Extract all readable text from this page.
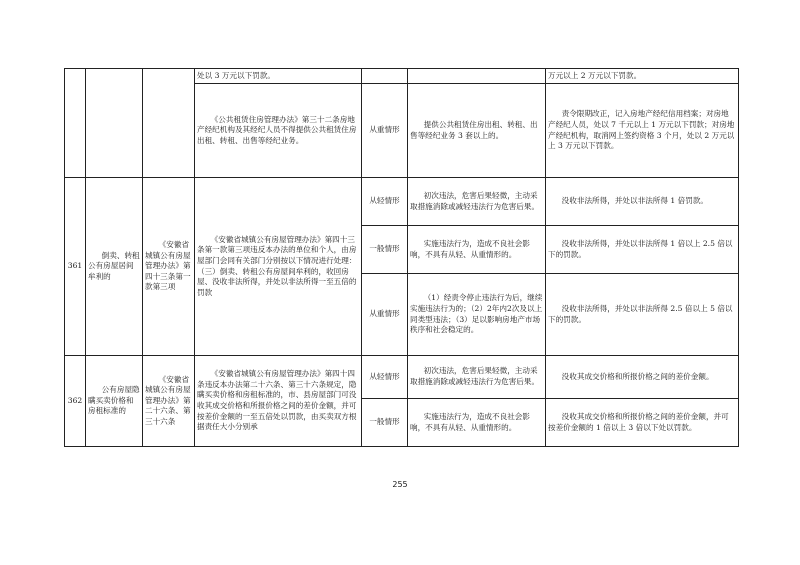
			处以 3 万元以下罚款。			万元以上 2 万元以下罚款。
			《公共租赁住房管理办法》第三十二条房地产经纪机构及其经纪人员不得提供公共租赁住房出租、转租、出售等经纪业务。	从重情形	提供公共租赁住房出租、转租、出售等经纪业务 3 套以上的。	责令限期改正，记入房地产经纪信用档案；对房地产经纪人员，处以 7 千元以上 1 万元以下罚款；对房地产经纪机构，取消网上签约资格 3 个月，处以 2 万元以上 3 万元以下罚款。
361	倒卖、转租公有房屋居间牟利的	《安徽省城镇公有房屋管理办法》第四十三条第一款第三项	《安徽省城镇公有房屋管理办法》第四十三条第一款第三项违反本办法的单位和个人，由房屋部门会同有关部门分别按以下情况进行处理：（三）倒卖、转租公有房屋间牟利的，收回房屋、没收非法所得，并处以非法所得一至五倍的罚款	从轻情形	初次违法，危害后果轻微，主动采取措施消除或减轻违法行为危害后果。	没收非法所得，并处以非法所得 1 倍罚款。
				一般情形	实施违法行为，造成不良社会影响，不具有从轻、从重情形的。	没收非法所得，并处以非法所得 1 倍以上 2.5 倍以下的罚款。
				从重情形	（1）经责令停止违法行为后，继续实施违法行为的；（2）2年内2次及以上同类型违法；（3）足以影响房地产市场秩序和社会稳定的。	没收非法所得，并处以非法所得 2.5 倍以上 5 倍以下的罚款。
362	公有房屋隐瞒买卖价格和房租标准的	《安徽省城镇公有房屋管理办法》第二十六条、第三十六条	《安徽省城镇公有房屋管理办法》第四十四条违反本办法第二十六条、第三十六条规定，隐瞒买卖价格和房租标准的，市、县房屋部门可没收其成交价格和所报价格之间的差价金额，并可按差价金额的一至五倍处以罚款，由买卖双方根据责任大小分别承	从轻情形	初次违法，危害后果轻微，主动采取措施消除或减轻违法行为危害后果。	没收其成交价格和所报价格之间的差价金额。
				一般情形	实施违法行为，造成不良社会影响，不具有从轻、从重情形的。	没收其成交价格和所报价格之间的差价金额，并可按差价金额的 1 倍以上 3 倍以下处以罚款。
255
